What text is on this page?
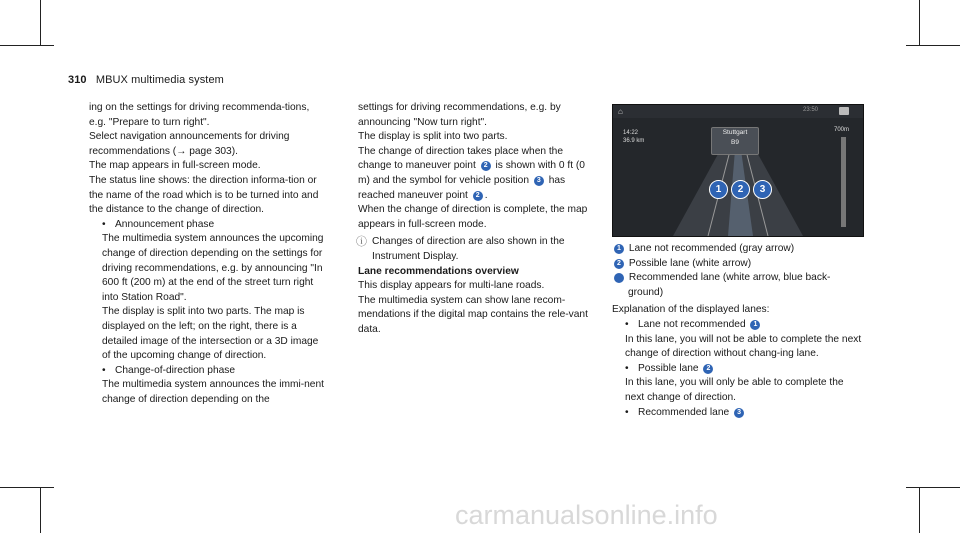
310 MBUX multimedia system

ing on the settings for driving recommenda-tions, e.g. "Prepare to turn right".

Select navigation announcements for driving recommendations (→ page 303).

The map appears in full-screen mode.

The status line shows: the direction informa-tion or the name of the road which is to be turned into and the distance to the change of direction.

• Announcement phase

The multimedia system announces the upcoming change of direction depending on the settings for driving recommendations, e.g. by announcing "In 600 ft (200 m) at the end of the street turn right into Station Road".

The display is split into two parts. The map is displayed on the left; on the right, there is a detailed image of the intersection or a 3D image of the upcoming change of direction.

• Change-of-direction phase

The multimedia system announces the immi-nent change of direction depending on the

settings for driving recommendations, e.g. by announcing "Now turn right".

The display is split into two parts.

The change of direction takes place when the change to maneuver point 2 is shown with 0 ft (0 m) and the symbol for vehicle position 3 has reached maneuver point 2 .

When the change of direction is complete, the map appears in full-screen mode.

ⓘ Changes of direction are also shown in the Instrument Display.

Lane recommendations overview

This display appears for multi-lane roads.

The multimedia system can show lane recom-mendations if the digital map contains the rele-vant data.

⌂	23:50
14:22
36.9 km
Stuttgart
B9
700m
1	2	3

1 Lane not recommended (gray arrow)

2 Possible lane (white arrow)

3 Recommended lane (white arrow, blue back-ground)

Explanation of the displayed lanes:

• Lane not recommended 1

In this lane, you will not be able to complete the next change of direction without chang-ing lane.

• Possible lane 2

In this lane, you will only be able to complete the next change of direction.

• Recommended lane 3

carmanualsonline.info
